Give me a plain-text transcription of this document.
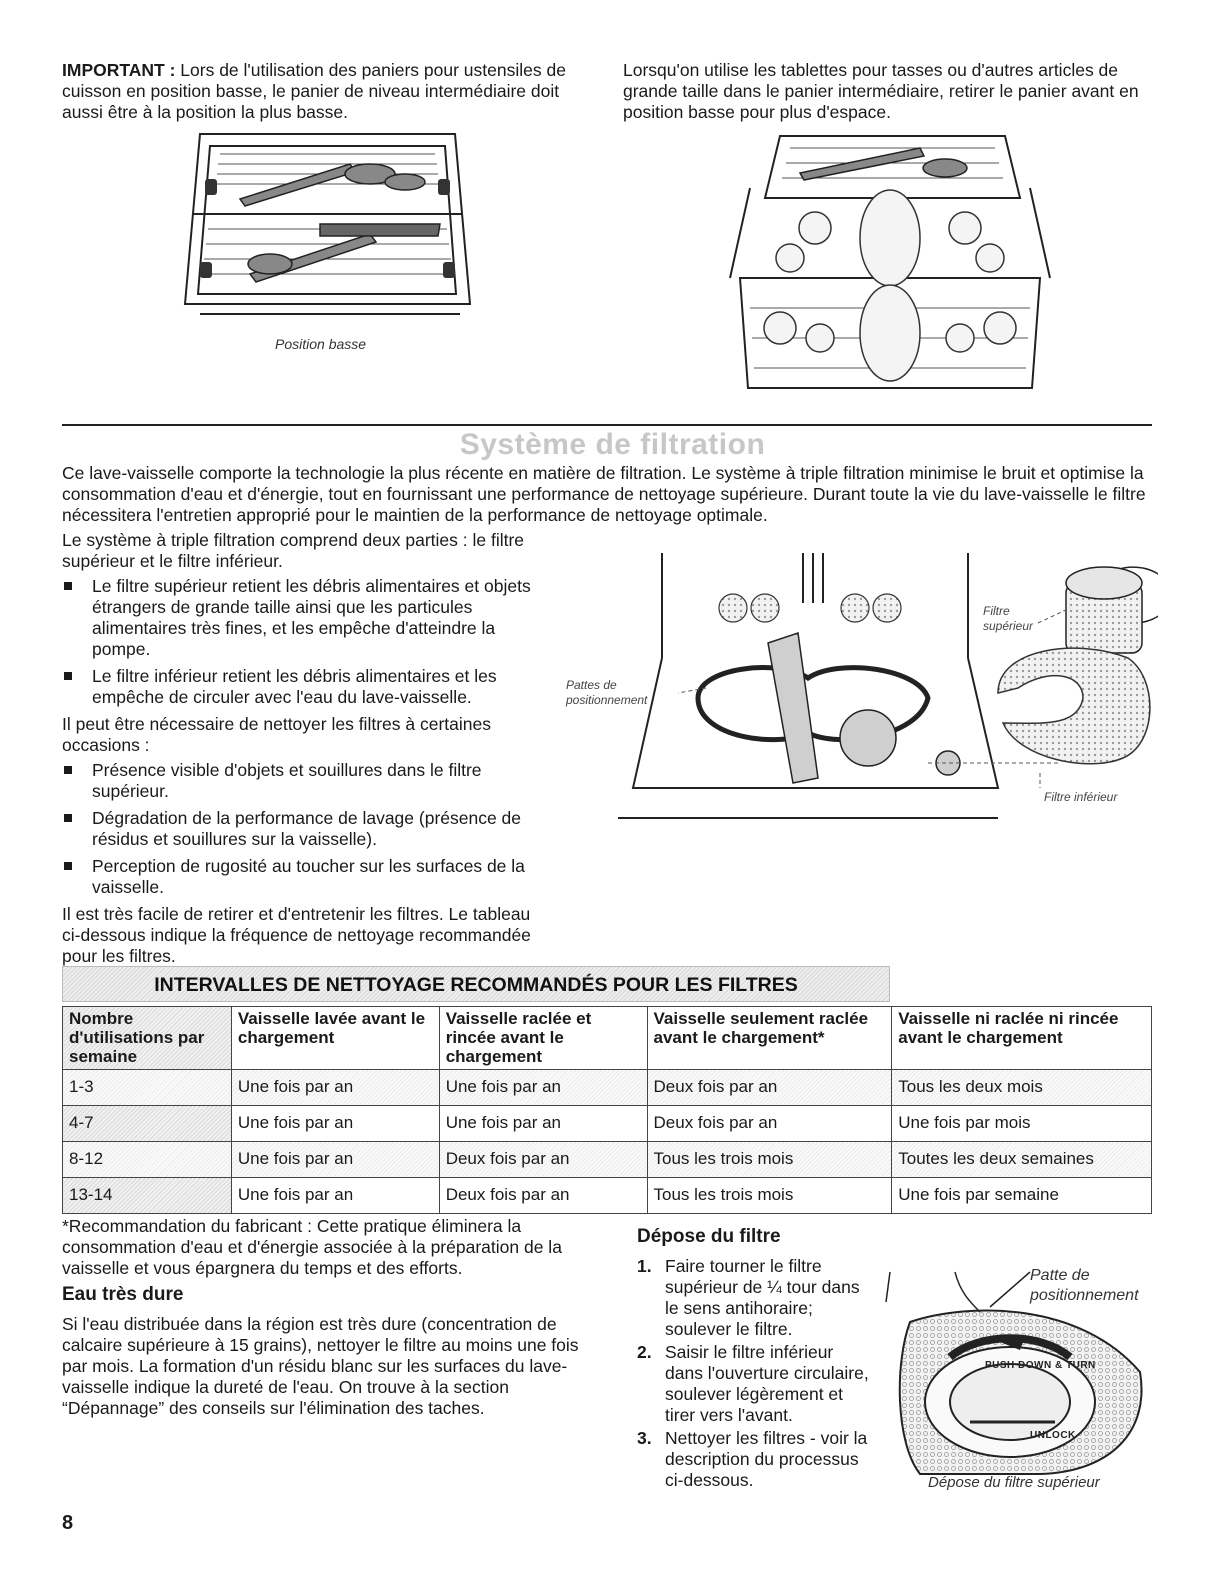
IMPORTANT : Lors de l'utilisation des paniers pour ustensiles de cuisson en position basse, le panier de niveau intermédiaire doit aussi être à la position la plus basse.
Lorsqu'on utilise les tablettes pour tasses ou d'autres articles de grande taille dans le panier intermédiaire, retirer le panier avant en position basse pour plus d'espace.
Position basse
Système de filtration
Ce lave-vaisselle comporte la technologie la plus récente en matière de filtration. Le système à triple filtration minimise le bruit et optimise la consommation d'eau et d'énergie, tout en fournissant une performance de nettoyage supérieure. Durant toute la vie du lave-vaisselle le filtre nécessitera l'entretien approprié pour le maintien de la performance de nettoyage optimale.
Le système à triple filtration comprend deux parties : le filtre supérieur et le filtre inférieur.
Le filtre supérieur retient les débris alimentaires et objets étrangers de grande taille ainsi que les particules alimentaires très fines, et les empêche d'atteindre la pompe.
Le filtre inférieur retient les débris alimentaires et les empêche de circuler avec l'eau du lave-vaisselle.
Il peut être nécessaire de nettoyer les filtres à certaines occasions :
Présence visible d'objets et souillures dans le filtre supérieur.
Dégradation de la performance de lavage (présence de résidus et souillures sur la vaisselle).
Perception de rugosité au toucher sur les surfaces de la vaisselle.
Il est très facile de retirer et d'entretenir les filtres. Le tableau ci-dessous indique la fréquence de nettoyage recommandée pour les filtres.
Pattes de positionnement
Filtre supérieur
Filtre inférieur
INTERVALLES DE NETTOYAGE RECOMMANDÉS POUR LES FILTRES
Nombre d'utilisations par semaine	Vaisselle lavée avant le chargement	Vaisselle raclée et rincée avant le chargement	Vaisselle seulement raclée avant le chargement*	Vaisselle ni raclée ni rincée avant le chargement
1-3	Une fois par an	Une fois par an	Deux fois par an	Tous les deux mois
4-7	Une fois par an	Une fois par an	Deux fois par an	Une fois par mois
8-12	Une fois par an	Deux fois par an	Tous les trois mois	Toutes les deux semaines
13-14	Une fois par an	Deux fois par an	Tous les trois mois	Une fois par semaine
*Recommandation du fabricant : Cette pratique éliminera la consommation d'eau et d'énergie associée à la préparation de la vaisselle et vous épargnera du temps et des efforts.
Eau très dure
Si l'eau distribuée dans la région est très dure (concentration de calcaire supérieure à 15 grains), nettoyer le filtre au moins une fois par mois. La formation d'un résidu blanc sur les surfaces du lave-vaisselle indique la dureté de l'eau. On trouve à la section “Dépannage” des conseils sur l'élimination des taches.
Dépose du filtre
1. Faire tourner le filtre supérieur de ¼ tour dans le sens antihoraire; soulever le filtre.
2. Saisir le filtre inférieur dans l'ouverture circulaire, soulever légèrement et tirer vers l'avant.
3. Nettoyer les filtres - voir la description du processus ci-dessous.
PUSH DOWN & TURN
UNLOCK
Patte de positionnement
Dépose du filtre supérieur
8
